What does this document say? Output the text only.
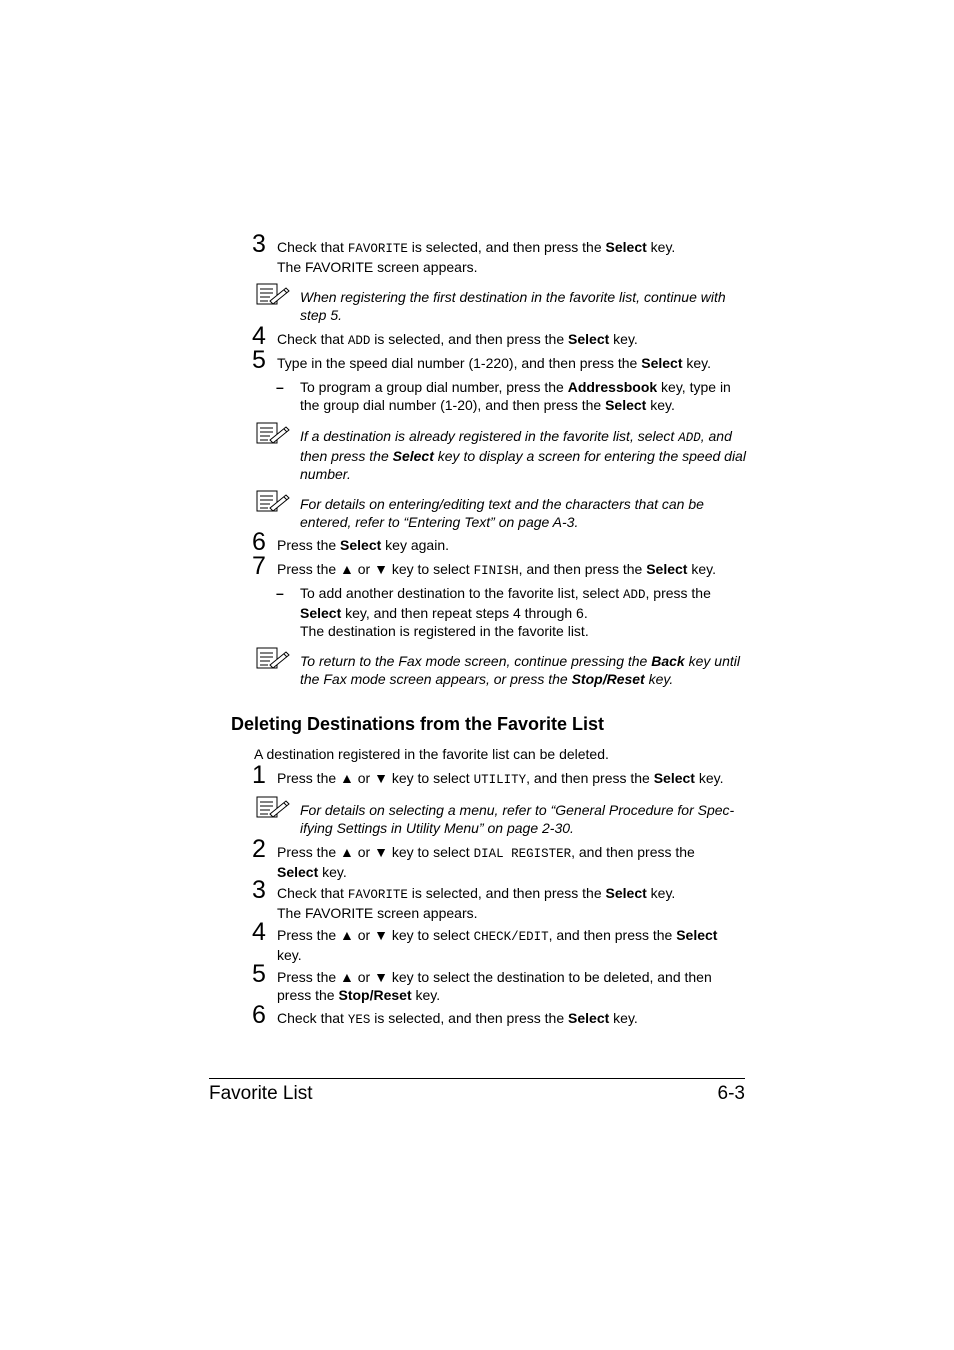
3 Check that FAVORITE is selected, and then press the Select key.
The FAVORITE screen appears.
When registering the first destination in the favorite list, continue with step 5.
4 Check that ADD is selected, and then press the Select key.
5 Type in the speed dial number (1-220), and then press the Select key.
– To program a group dial number, press the Addressbook key, type in the group dial number (1-20), and then press the Select key.
If a destination is already registered in the favorite list, select ADD, and then press the Select key to display a screen for entering the speed dial number.
For details on entering/editing text and the characters that can be entered, refer to “Entering Text” on page A-3.
6 Press the Select key again.
7 Press the ▲ or ▼ key to select FINISH, and then press the Select key.
– To add another destination to the favorite list, select ADD, press the Select key, and then repeat steps 4 through 6.
The destination is registered in the favorite list.
To return to the Fax mode screen, continue pressing the Back key until the Fax mode screen appears, or press the Stop/Reset key.
Deleting Destinations from the Favorite List
A destination registered in the favorite list can be deleted.
1 Press the ▲ or ▼ key to select UTILITY, and then press the Select key.
For details on selecting a menu, refer to “General Procedure for Spec-ifying Settings in Utility Menu” on page 2-30.
2 Press the ▲ or ▼ key to select DIAL REGISTER, and then press the Select key.
3 Check that FAVORITE is selected, and then press the Select key.
The FAVORITE screen appears.
4 Press the ▲ or ▼ key to select CHECK/EDIT, and then press the Select key.
5 Press the ▲ or ▼ key to select the destination to be deleted, and then press the Stop/Reset key.
6 Check that YES is selected, and then press the Select key.
Favorite List	6-3
